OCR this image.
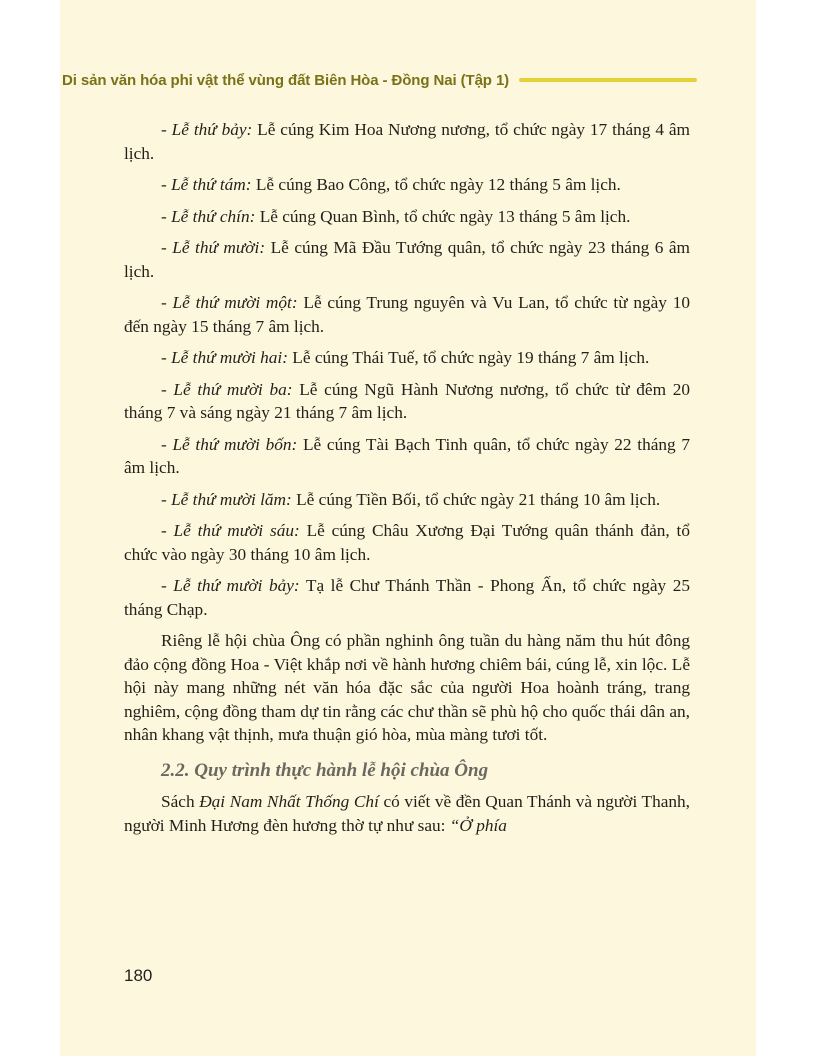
Di sản văn hóa phi vật thể vùng đất Biên Hòa - Đồng Nai (Tập 1)

- Lễ thứ bảy: Lễ cúng Kim Hoa Nương nương, tổ chức ngày 17 tháng 4 âm lịch.

- Lễ thứ tám: Lễ cúng Bao Công, tổ chức ngày 12 tháng 5 âm lịch.

- Lễ thứ chín: Lễ cúng Quan Bình, tổ chức ngày 13 tháng 5 âm lịch.

- Lễ thứ mười: Lễ cúng Mã Đầu Tướng quân, tổ chức ngày 23 tháng 6 âm lịch.

- Lễ thứ mười một: Lễ cúng Trung nguyên và Vu Lan, tổ chức từ ngày 10 đến ngày 15 tháng 7 âm lịch.

- Lễ thứ mười hai: Lễ cúng Thái Tuế, tổ chức ngày 19 tháng 7 âm lịch.

- Lễ thứ mười ba: Lễ cúng Ngũ Hành Nương nương, tổ chức từ đêm 20 tháng 7 và sáng ngày 21 tháng 7 âm lịch.

- Lễ thứ mười bốn: Lễ cúng Tài Bạch Tinh quân, tổ chức ngày 22 tháng 7 âm lịch.

- Lễ thứ mười lăm: Lễ cúng Tiền Bối, tổ chức ngày 21 tháng 10 âm lịch.

- Lễ thứ mười sáu: Lễ cúng Châu Xương Đại Tướng quân thánh đản, tổ chức vào ngày 30 tháng 10 âm lịch.

- Lễ thứ mười bảy: Tạ lễ Chư Thánh Thần - Phong Ấn, tổ chức ngày 25 tháng Chạp.

Riêng lễ hội chùa Ông có phần nghinh ông tuần du hàng năm thu hút đông đảo cộng đồng Hoa - Việt khắp nơi về hành hương chiêm bái, cúng lễ, xin lộc. Lễ hội này mang những nét văn hóa đặc sắc của người Hoa hoành tráng, trang nghiêm, cộng đồng tham dự tin rằng các chư thần sẽ phù hộ cho quốc thái dân an, nhân khang vật thịnh, mưa thuận gió hòa, mùa màng tươi tốt.

2.2. Quy trình thực hành lễ hội chùa Ông

Sách Đại Nam Nhất Thống Chí có viết về đền Quan Thánh và người Thanh, người Minh Hương đèn hương thờ tự như sau: “Ở phía

180
